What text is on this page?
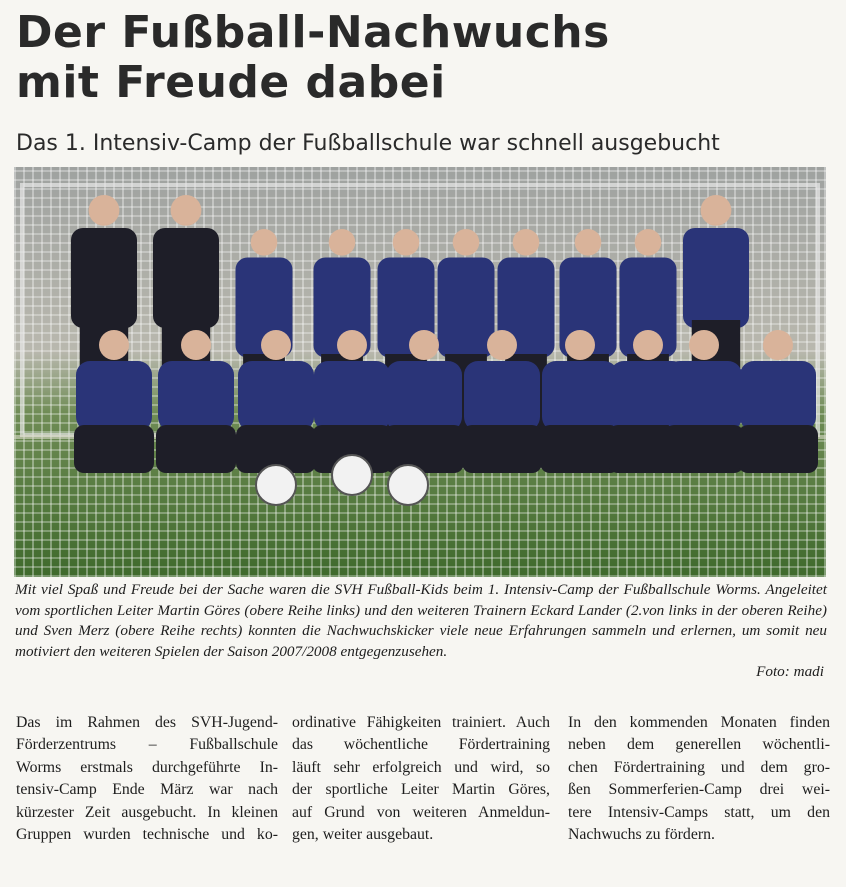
Der Fußball-Nachwuchs
mit Freude dabei
Das 1. Intensiv-Camp der Fußballschule war schnell ausgebucht
Mit viel Spaß und Freude bei der Sache waren die SVH Fußball-Kids beim 1. Intensiv-Camp der Fußballschule Worms. Angeleitet vom sportlichen Leiter Martin Göres (obere Reihe links) und den weiteren Trainern Eckard Lander (2.von links in der oberen Reihe) und Sven Merz (obere Reihe rechts) konnten die Nachwuchskicker viele neue Erfahrungen sammeln und erlernen, um somit neu motiviert den weiteren Spielen der Saison 2007/2008 entgegenzusehen.
Foto: madi
Das im Rahmen des SVH-Jugend-
Förderzentrums – Fußballschule
Worms erstmals durchgeführte In-
tensiv-Camp Ende März war nach
kürzester Zeit ausgebucht. In kleinen
Gruppen wurden technische und ko-
ordinative Fähigkeiten trainiert. Auch
das wöchentliche Fördertraining
läuft sehr erfolgreich und wird, so
der sportliche Leiter Martin Göres,
auf Grund von weiteren Anmeldun-
gen, weiter ausgebaut.
In den kommenden Monaten finden
neben dem generellen wöchentli-
chen Fördertraining und dem gro-
ßen Sommerferien-Camp drei wei-
tere Intensiv-Camps statt, um den
Nachwuchs zu fördern.
